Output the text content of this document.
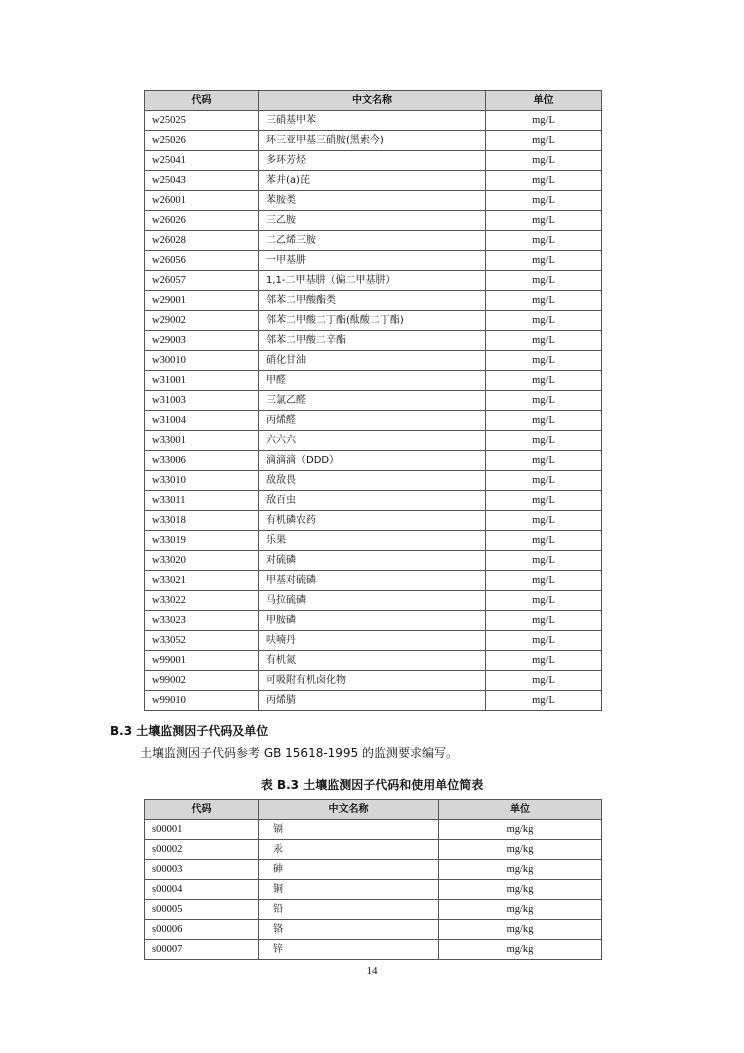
代码	中文名称	单位
w25025	三硝基甲苯	mg/L
w25026	环三亚甲基三硝胺(黑索今)	mg/L
w25041	多环芳烃	mg/L
w25043	苯并(a)芘	mg/L
w26001	苯胺类	mg/L
w26026	三乙胺	mg/L
w26028	二乙烯三胺	mg/L
w26056	一甲基肼	mg/L
w26057	1,1-二甲基肼（偏二甲基肼）	mg/L
w29001	邻苯二甲酸酯类	mg/L
w29002	邻苯二甲酸二丁酯(酞酸二丁酯)	mg/L
w29003	邻苯二甲酸二辛酯	mg/L
w30010	硝化甘油	mg/L
w31001	甲醛	mg/L
w31003	三氯乙醛	mg/L
w31004	丙烯醛	mg/L
w33001	六六六	mg/L
w33006	滴滴滴（DDD）	mg/L
w33010	敌敌畏	mg/L
w33011	敌百虫	mg/L
w33018	有机磷农药	mg/L
w33019	乐果	mg/L
w33020	对硫磷	mg/L
w33021	甲基对硫磷	mg/L
w33022	马拉硫磷	mg/L
w33023	甲胺磷	mg/L
w33052	呋喃丹	mg/L
w99001	有机氮	mg/L
w99002	可吸附有机卤化物	mg/L
w99010	丙烯腈	mg/L
B.3 土壤监测因子代码及单位
土壤监测因子代码参考 GB 15618-1995 的监测要求编写。
表 B.3 土壤监测因子代码和使用单位简表
代码	中文名称	单位
s00001	镉	mg/kg
s00002	汞	mg/kg
s00003	砷	mg/kg
s00004	铜	mg/kg
s00005	铅	mg/kg
s00006	铬	mg/kg
s00007	锌	mg/kg
14
